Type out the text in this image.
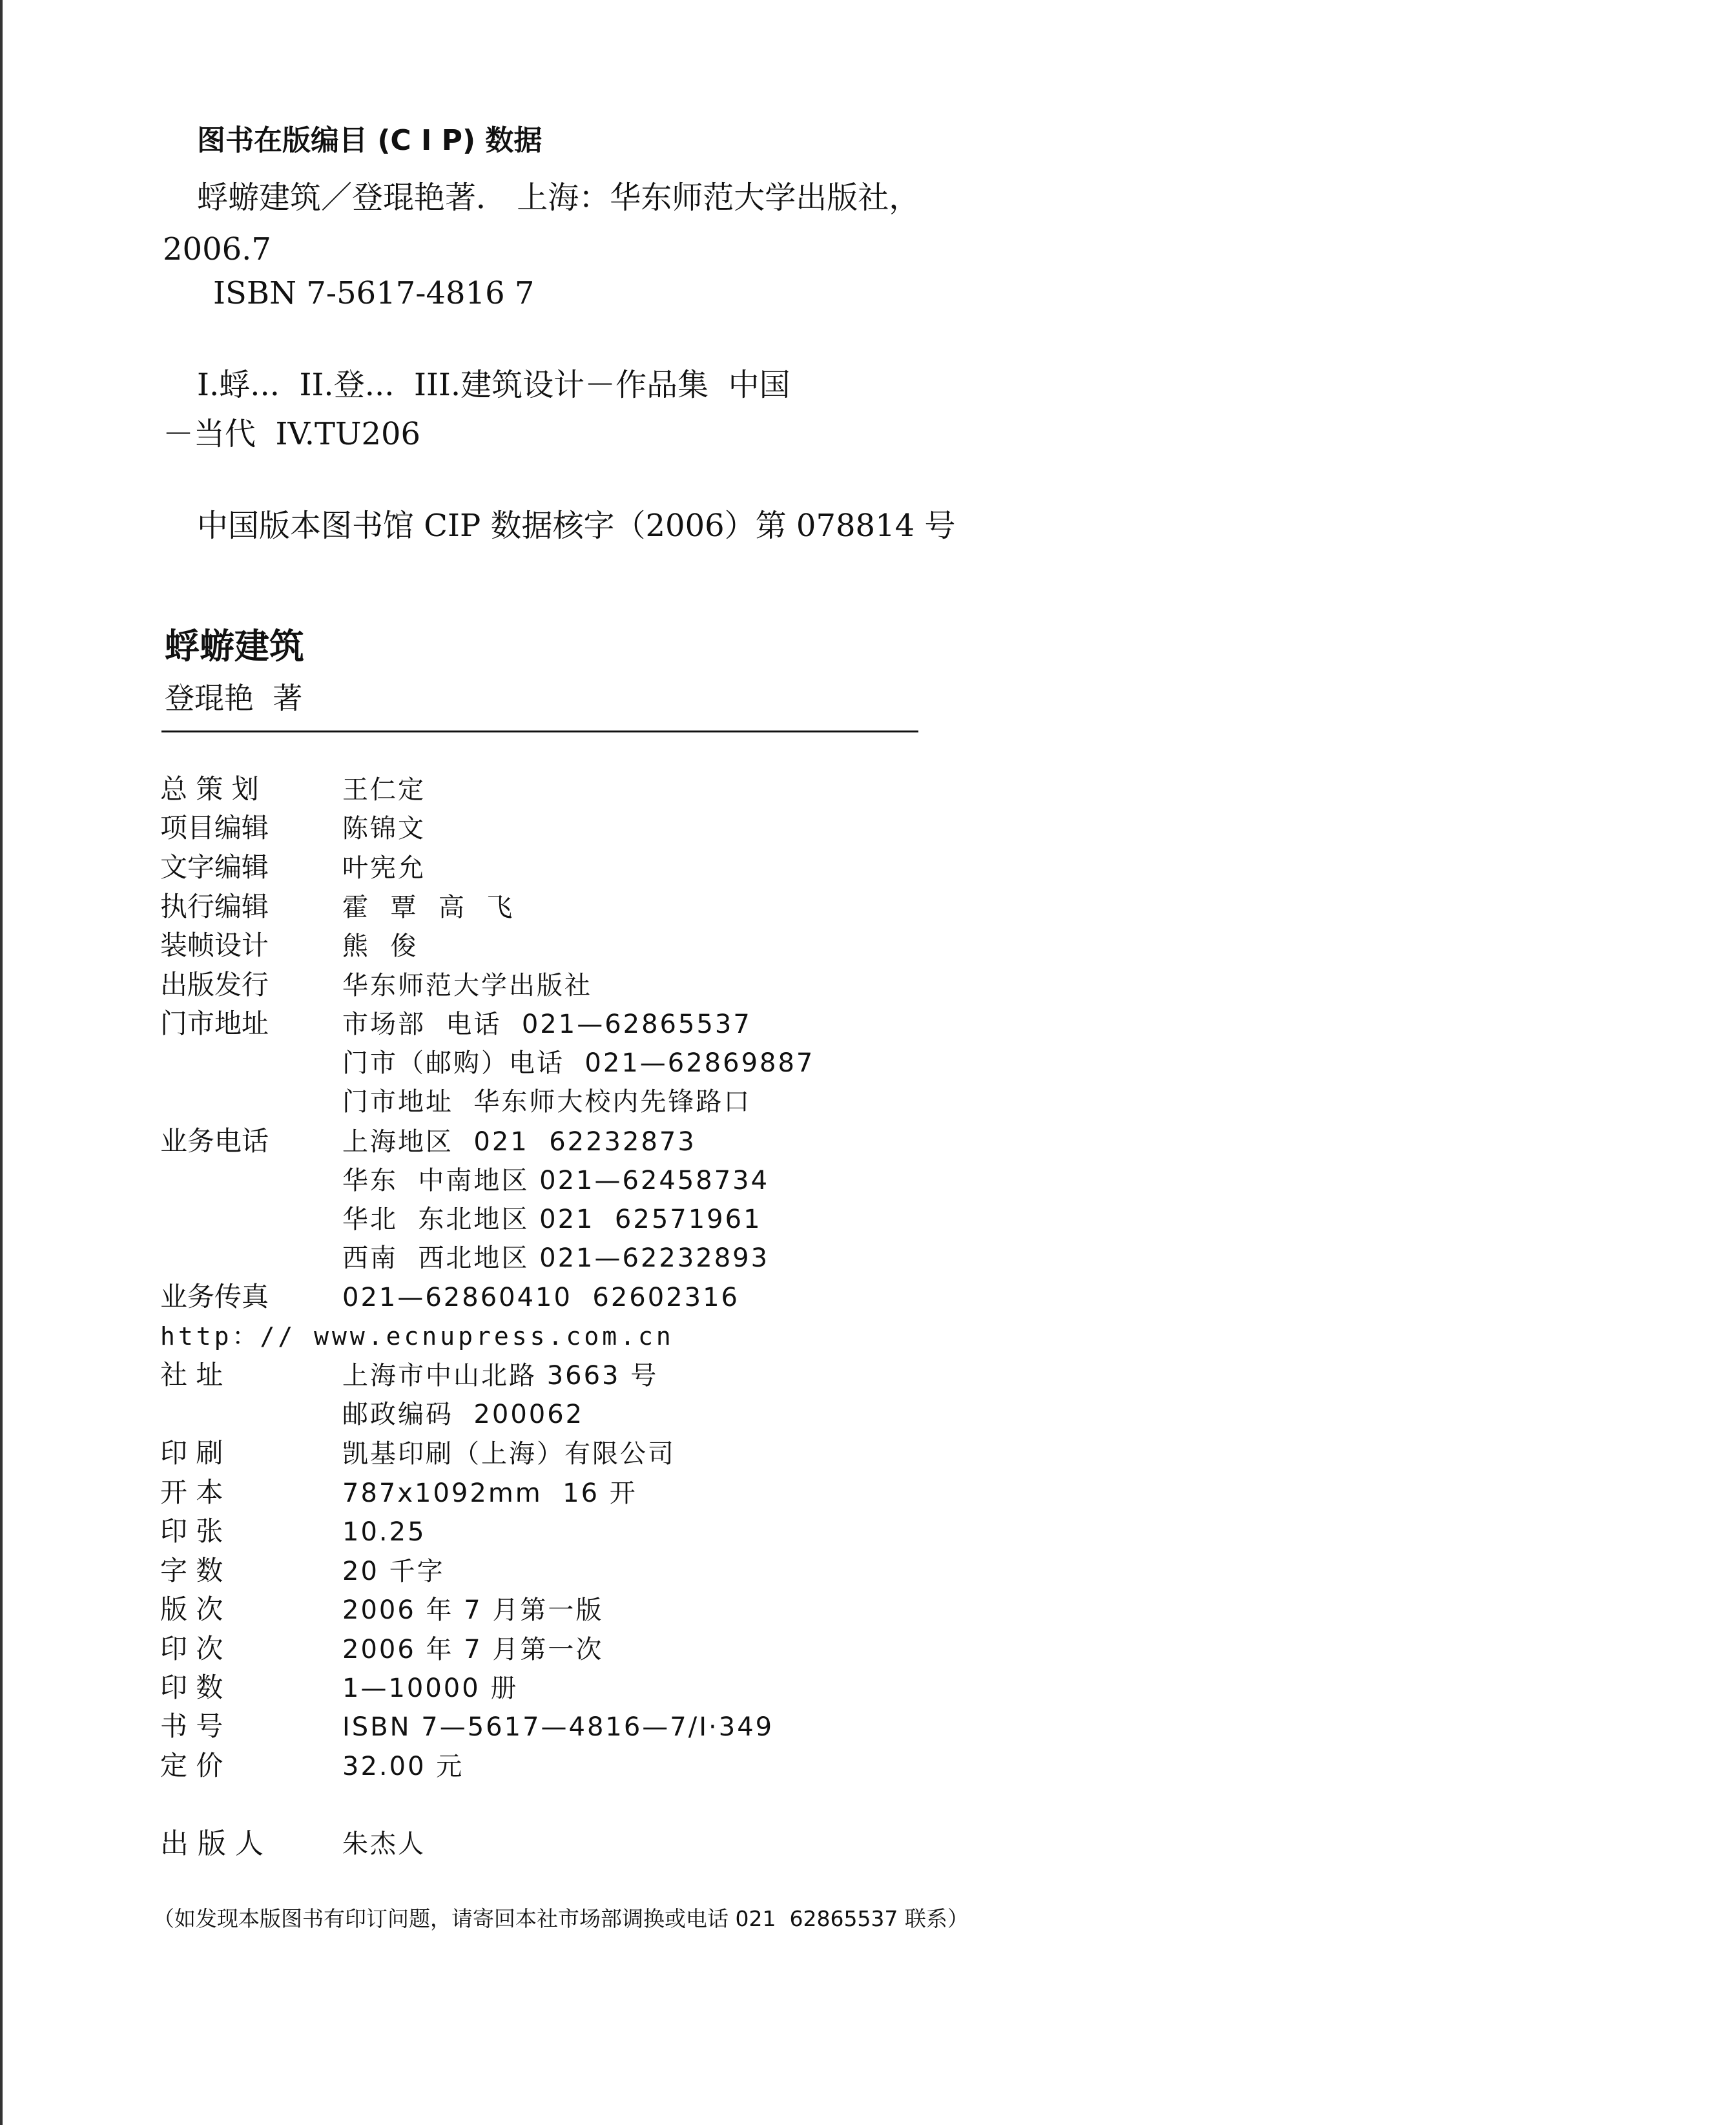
图书在版编目 (C I P) 数据
蜉蝣建筑／登琨艳著． 上海：华东师范大学出版社，
2006.7
ISBN 7-5617-4816 7
I.蜉...  II.登...  III.建筑设计－作品集  中国
－当代  IV.TU206
中国版本图书馆 CIP 数据核字（2006）第 078814 号
蜉蝣建筑
登琨艳  著
总 策 划	王仁定
项目编辑	陈锦文
文字编辑	叶宪允
执行编辑	霍  覃  高  飞
装帧设计	熊  俊
出版发行	华东师范大学出版社
门市地址	市场部  电话  021—62865537
门市（邮购）电话  021—62869887
门市地址  华东师大校内先锋路口
业务电话	上海地区  021  62232873
华东  中南地区 021—62458734
华北  东北地区 021  62571961
西南  西北地区 021—62232893
业务传真	021—62860410  62602316
http：// www.ecnupress.com.cn
社 址	上海市中山北路 3663 号
邮政编码  200062
印 刷	凯基印刷（上海）有限公司
开 本	787x1092mm  16 开
印 张	10.25
字 数	20 千字
版 次	2006 年 7 月第一版
印 次	2006 年 7 月第一次
印 数	1—10000 册
书 号	ISBN 7—5617—4816—7/I·349
定 价	32.00 元
出 版 人	朱杰人
（如发现本版图书有印订问题，请寄回本社市场部调换或电话 021  62865537 联系）
